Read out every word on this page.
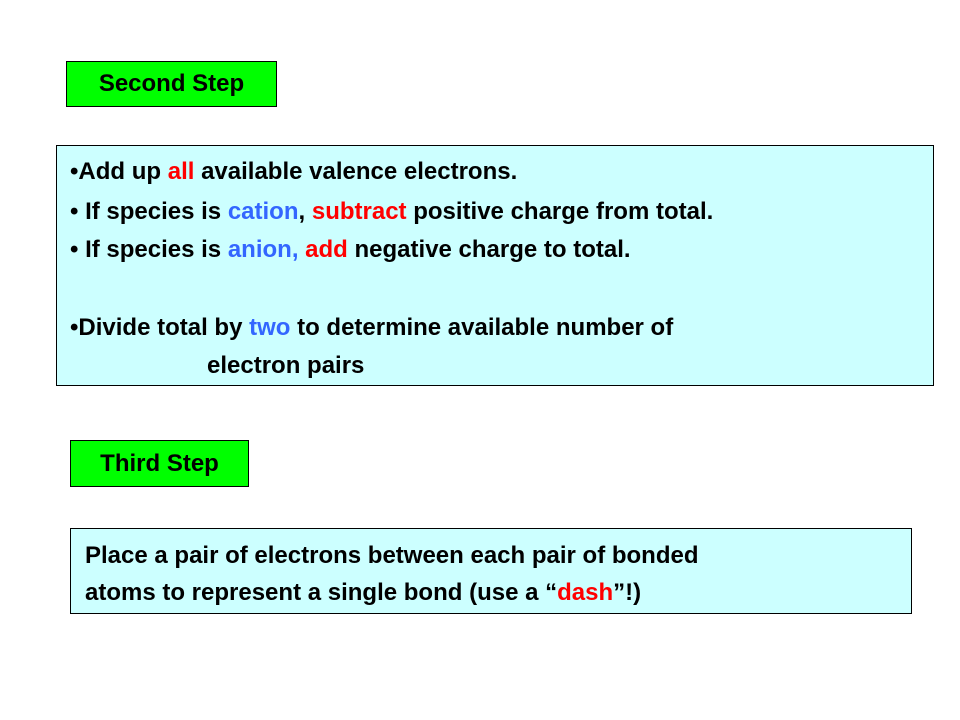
Second Step
•Add up all available valence electrons.
• If species is cation, subtract positive charge from total.
• If species is anion, add negative charge to total.
•Divide total by two to determine available number of
electron pairs
Third Step
Place a pair of electrons between each pair of bonded
atoms to represent a single bond (use a “dash”!)
